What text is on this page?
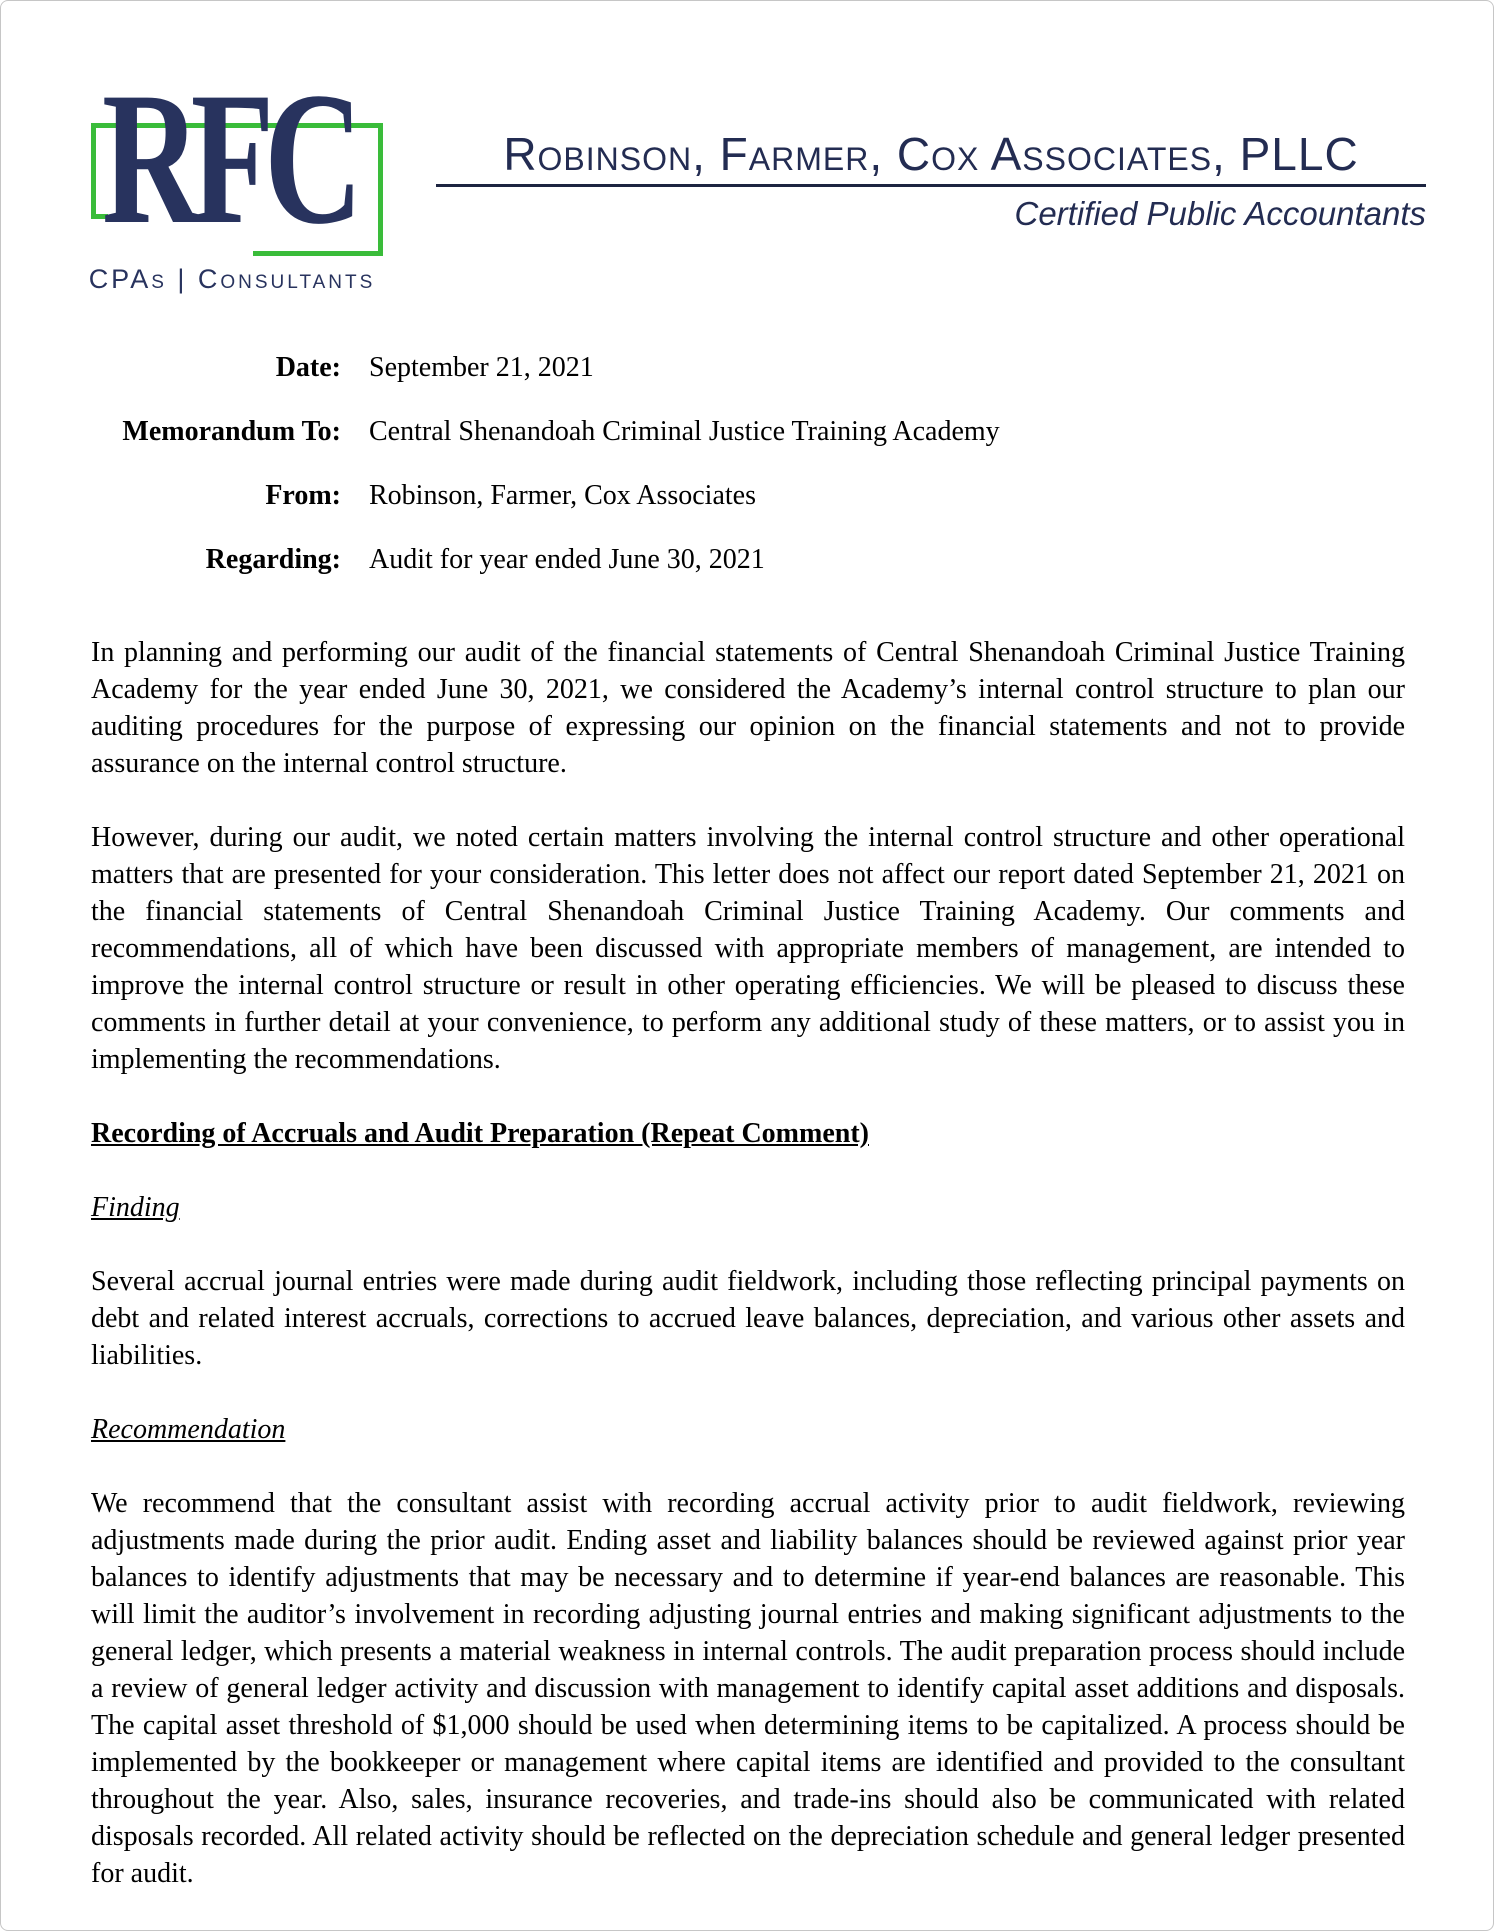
RFC
CPAs | Consultants
Robinson, Farmer, Cox Associates, PLLC
Certified Public Accountants
Date: September 21, 2021
Memorandum To: Central Shenandoah Criminal Justice Training Academy
From: Robinson, Farmer, Cox Associates
Regarding: Audit for year ended June 30, 2021

In planning and performing our audit of the financial statements of Central Shenandoah Criminal Justice Training Academy for the year ended June 30, 2021, we considered the Academy’s internal control structure to plan our auditing procedures for the purpose of expressing our opinion on the financial statements and not to provide assurance on the internal control structure.

However, during our audit, we noted certain matters involving the internal control structure and other operational matters that are presented for your consideration. This letter does not affect our report dated September 21, 2021 on the financial statements of Central Shenandoah Criminal Justice Training Academy. Our comments and recommendations, all of which have been discussed with appropriate members of management, are intended to improve the internal control structure or result in other operating efficiencies. We will be pleased to discuss these comments in further detail at your convenience, to perform any additional study of these matters, or to assist you in implementing the recommendations.

Recording of Accruals and Audit Preparation (Repeat Comment)
Finding

Several accrual journal entries were made during audit fieldwork, including those reflecting principal payments on debt and related interest accruals, corrections to accrued leave balances, depreciation, and various other assets and liabilities.

Recommendation

We recommend that the consultant assist with recording accrual activity prior to audit fieldwork, reviewing adjustments made during the prior audit. Ending asset and liability balances should be reviewed against prior year balances to identify adjustments that may be necessary and to determine if year-end balances are reasonable. This will limit the auditor’s involvement in recording adjusting journal entries and making significant adjustments to the general ledger, which presents a material weakness in internal controls. The audit preparation process should include a review of general ledger activity and discussion with management to identify capital asset additions and disposals. The capital asset threshold of $1,000 should be used when determining items to be capitalized. A process should be implemented by the bookkeeper or management where capital items are identified and provided to the consultant throughout the year. Also, sales, insurance recoveries, and trade-ins should also be communicated with related disposals recorded. All related activity should be reflected on the depreciation schedule and general ledger presented for audit.
